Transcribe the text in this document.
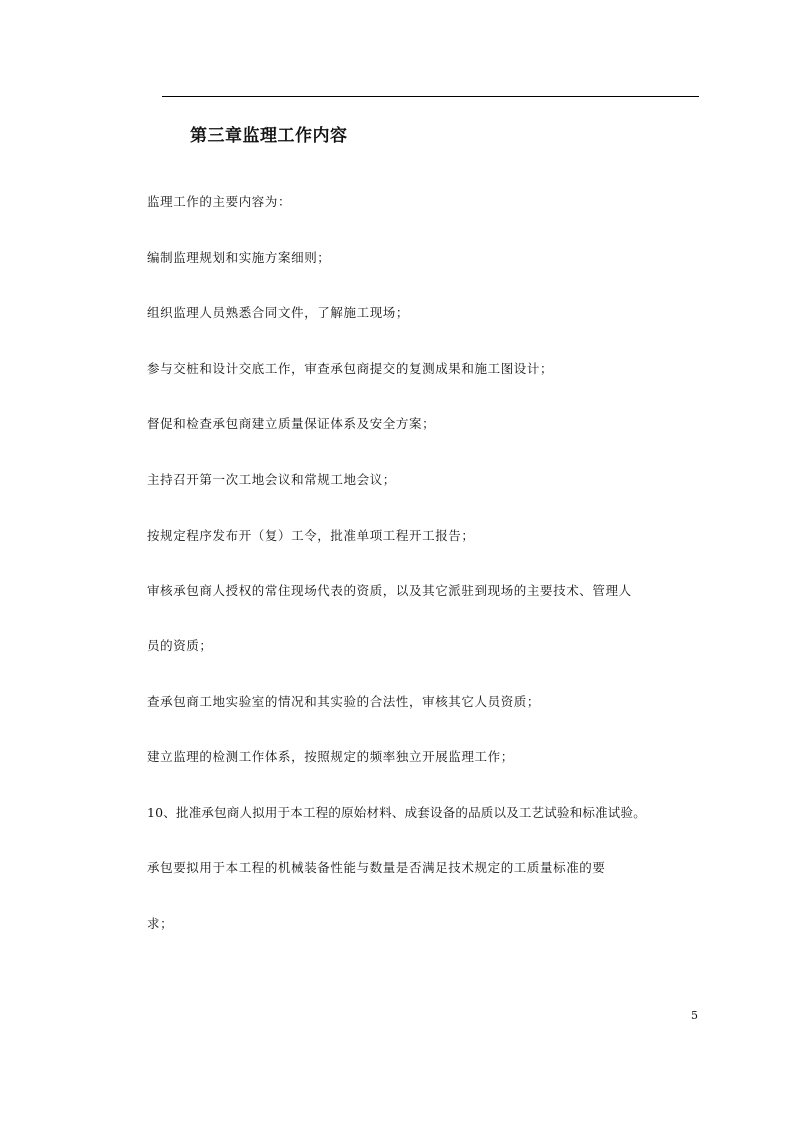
第三章监理工作内容
监理工作的主要内容为：
编制监理规划和实施方案细则；
组织监理人员熟悉合同文件，了解施工现场；
参与交桩和设计交底工作，审查承包商提交的复测成果和施工图设计；
督促和检查承包商建立质量保证体系及安全方案；
主持召开第一次工地会议和常规工地会议；
按规定程序发布开（复）工令，批准单项工程开工报告；
审核承包商人授权的常住现场代表的资质，以及其它派驻到现场的主要技术、管理人
员的资质；
查承包商工地实验室的情况和其实验的合法性，审核其它人员资质；
建立监理的检测工作体系，按照规定的频率独立开展监理工作；
10、批准承包商人拟用于本工程的原始材料、成套设备的品质以及工艺试验和标准试验。
承包要拟用于本工程的机械装备性能与数量是否满足技术规定的工质量标准的要
求；
5
